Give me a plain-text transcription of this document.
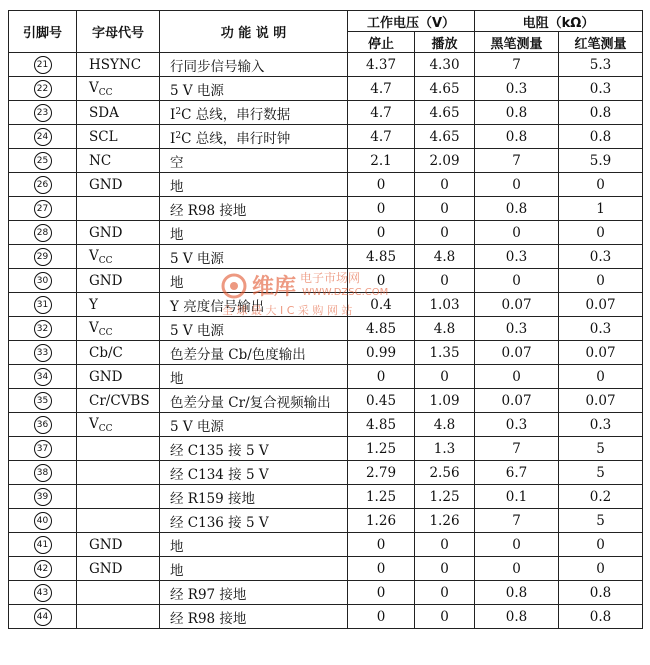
引脚号	字母代号	功 能 说 明	工作电压（V）		电阻（kΩ）	
			停止	播放	黑笔测量	红笔测量
21	HSYNC	行同步信号输入	4.37	4.30	7	5.3
22	$V_{CC}$	5 V 电源	4.7	4.65	0.3	0.3
23	SDA	$I^2C$ 总线，串行数据	4.7	4.65	0.8	0.8
24	SCL	$I^2C$ 总线，串行时钟	4.7	4.65	0.8	0.8
25	NC	空	2.1	2.09	7	5.9
26	GND	地	0	0	0	0
27		经 R98 接地	0	0	0.8	1
28	GND	地	0	0	0	0
29	$V_{CC}$	5 V 电源	4.85	4.8	0.3	0.3
30	GND	地	0	0	0	0
31	Y	Y 亮度信号输出	0.4	1.03	0.07	0.07
32	$V_{CC}$	5 V 电源	4.85	4.8	0.3	0.3
33	Cb/C	色差分量 Cb/色度输出	0.99	1.35	0.07	0.07
34	GND	地	0	0	0	0
35	Cr/CVBS	色差分量 Cr/复合视频输出	0.45	1.09	0.07	0.07
36	$V_{CC}$	5 V 电源	4.85	4.8	0.3	0.3
37		经 C135 接 5 V	1.25	1.3	7	5
38		经 C134 接 5 V	2.79	2.56	6.7	5
39		经 R159 接地	1.25	1.25	0.1	0.2
40		经 C136 接 5 V	1.26	1.26	7	5
41	GND	地	0	0	0	0
42	GND	地	0	0	0	0
43		经 R97 接地	0	0	0.8	0.8
44		经 R98 接地	0	0	0.8	0.8
维库 电子市场网
WWW.DZSC.COM
全 球 最 大 I C 采 购 网 站
